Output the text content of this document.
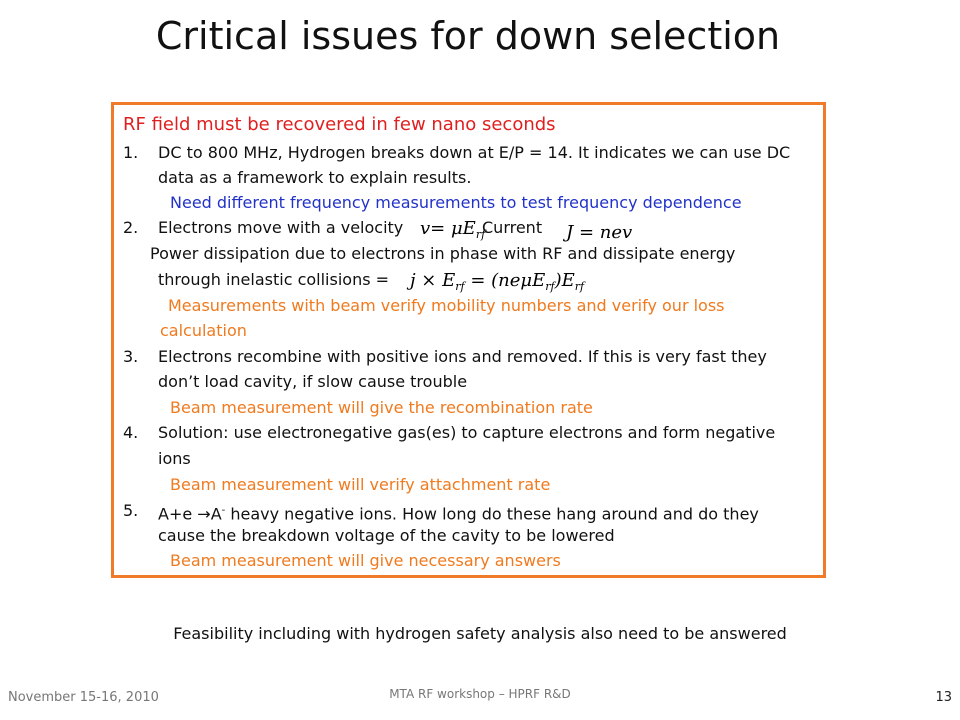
Critical issues for down selection
RF field must be recovered in few nano seconds
1. DC to 800 MHz, Hydrogen breaks down at E/P = 14. It indicates we can use DC
data as a framework to explain results.
Need different frequency measurements to test frequency dependence
2. Electrons move with a velocity $v= \mu E_{rf}$
Current J = nev
Power dissipation due to electrons in phase with RF and dissipate energy
through inelastic collisions = $j \times E_{rf} = (ne\mu E_{rf})E_{rf}$
Measurements with beam verify mobility numbers and verify our loss
calculation
3. Electrons recombine with positive ions and removed. If this is very fast they
don’t load cavity, if slow cause trouble
Beam measurement will give the recombination rate
4. Solution: use electronegative gas(es) to capture electrons and form negative
ions
Beam measurement will verify attachment rate
5. A+e →A- heavy negative ions. How long do these hang around and do they
cause the breakdown voltage of the cavity to be lowered
Beam measurement will give necessary answers
Feasibility including with hydrogen safety analysis also need to be answered
November 15-16, 2010	MTA RF workshop – HPRF R&D	13
